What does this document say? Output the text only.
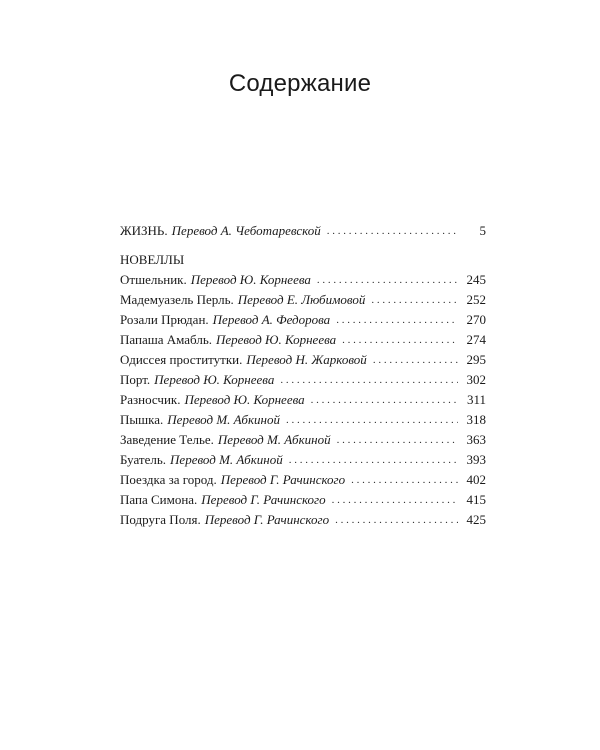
Содержание
ЖИЗНЬ. Перевод А. Чеботаревской . . .	5
НОВЕЛЛЫ
Отшельник. Перевод Ю. Корнеева . . .	245
Мадемуазель Перль. Перевод Е. Любимовой . . .	252
Розали Прюдан. Перевод А. Федорова . . .	270
Папаша Амабль. Перевод Ю. Корнеева . . .	274
Одиссея проститутки. Перевод Н. Жарковой . . .	295
Порт. Перевод Ю. Корнеева . . .	302
Разносчик. Перевод Ю. Корнеева . . .	311
Пышка. Перевод М. Абкиной . . .	318
Заведение Телье. Перевод М. Абкиной . . .	363
Буатель. Перевод М. Абкиной . . .	393
Поездка за город. Перевод Г. Рачинского . . .	402
Папа Симона. Перевод Г. Рачинского . . .	415
Подруга Поля. Перевод Г. Рачинского . . .	425
